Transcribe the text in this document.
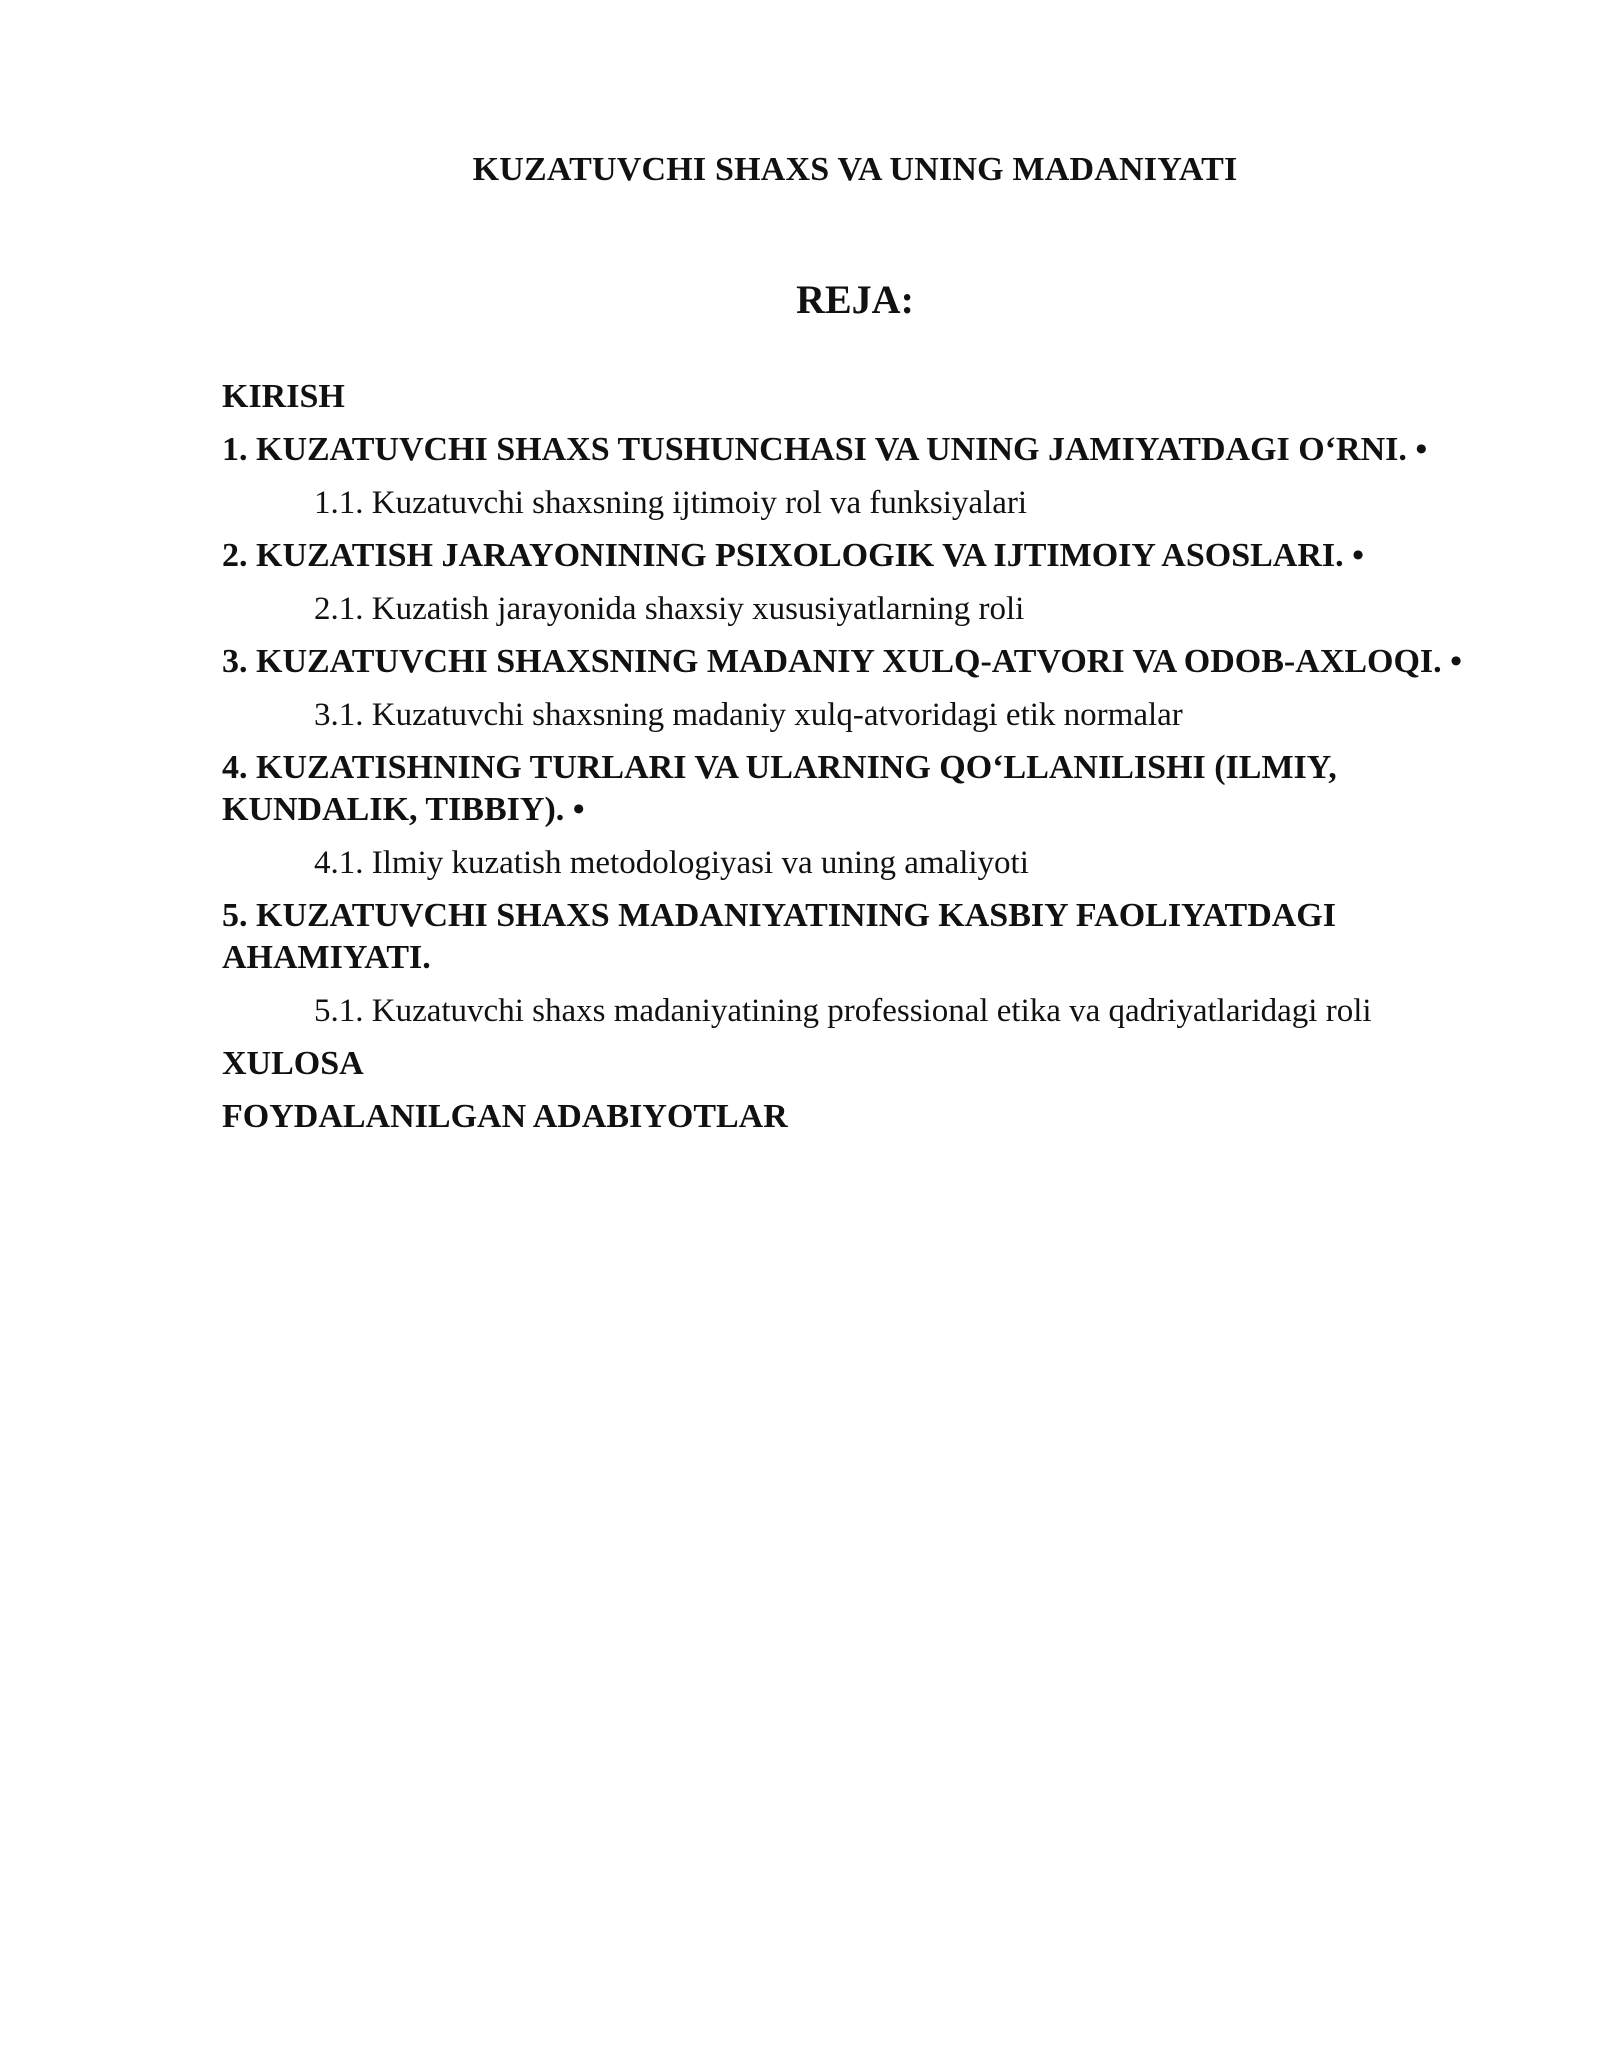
KUZATUVCHI SHAXS VA UNING MADANIYATI
REJA:
KIRISH
1. KUZATUVCHI SHAXS TUSHUNCHASI VA UNING JAMIYATDAGI O‘RNI. •
1.1. Kuzatuvchi shaxsning ijtimoiy rol va funksiyalari
2. KUZATISH JARAYONINING PSIXOLOGIK VA IJTIMOIY ASOSLARI. •
2.1. Kuzatish jarayonida shaxsiy xususiyatlarning roli
3. KUZATUVCHI SHAXSNING MADANIY XULQ-ATVORI VA ODOB-AXLOQI. •
3.1. Kuzatuvchi shaxsning madaniy xulq-atvoridagi etik normalar
4. KUZATISHNING TURLARI VA ULARNING QO‘LLANILISHI (ILMIY, KUNDALIK, TIBBIY). •
4.1. Ilmiy kuzatish metodologiyasi va uning amaliyoti
5. KUZATUVCHI SHAXS MADANIYATINING KASBIY FAOLIYATDAGI AHAMIYATI.
5.1. Kuzatuvchi shaxs madaniyatining professional etika va qadriyatlaridagi roli
XULOSA
FOYDALANILGAN ADABIYOTLAR
